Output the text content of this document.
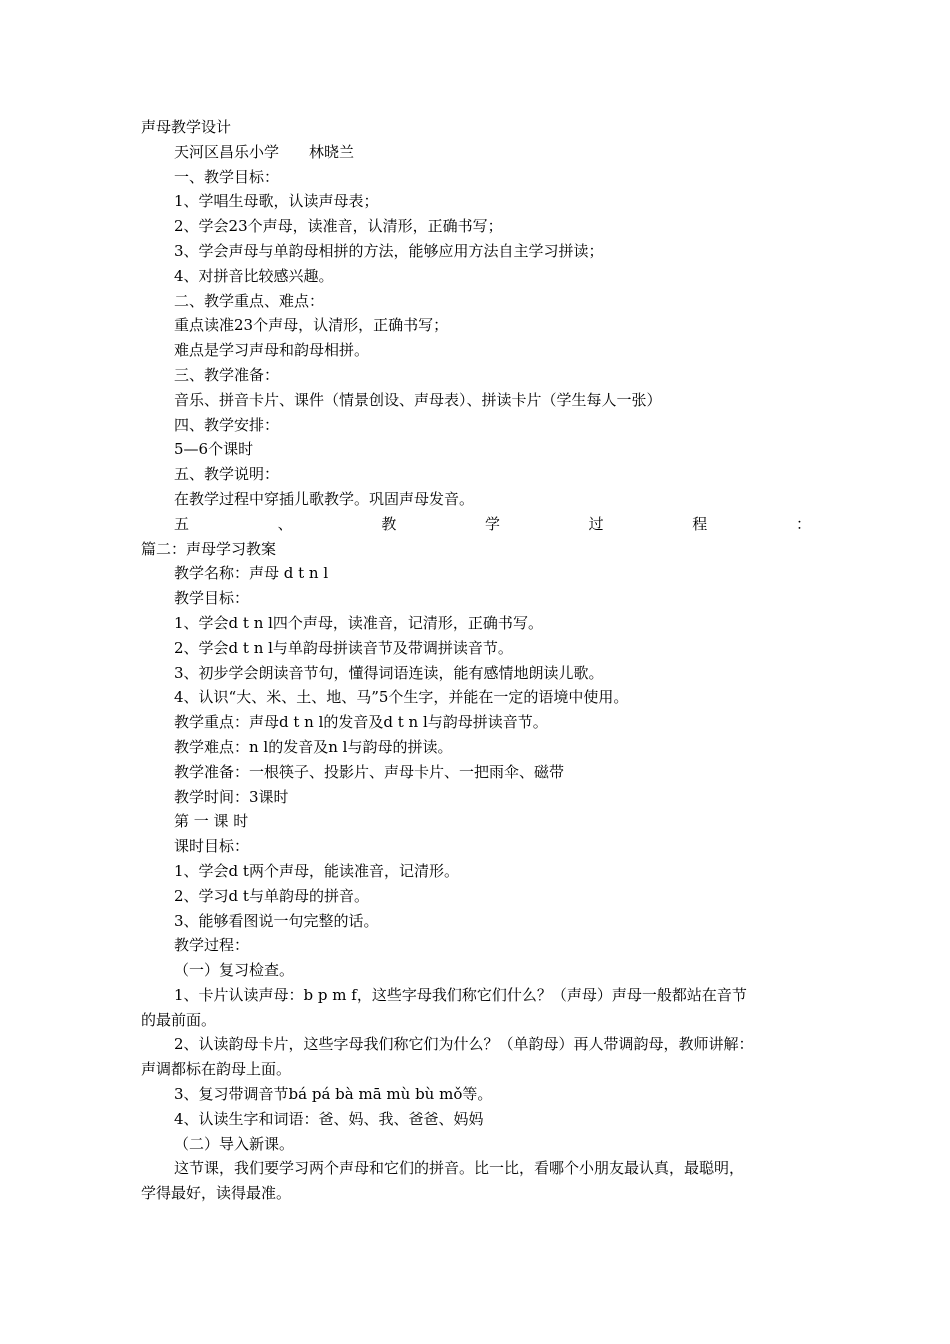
声母教学设计
天河区昌乐小学　　林晓兰
一、教学目标：
1、学唱生母歌，认读声母表；
2、学会23个声母，读准音，认清形，正确书写；
3、学会声母与单韵母相拼的方法，能够应用方法自主学习拼读；
4、对拼音比较感兴趣。
二、教学重点、难点：
重点读准23个声母，认清形，正确书写；
难点是学习声母和韵母相拼。
三、教学准备：
音乐、拼音卡片、课件（情景创设、声母表）、拼读卡片（学生每人一张）
四、教学安排：
5—6个课时
五、教学说明：
在教学过程中穿插儿歌教学。巩固声母发音。
五	、	教	学	过	程	：
篇二：声母学习教案
教学名称：声母 d t n l
教学目标：
1、学会d t n l四个声母，读准音，记清形，正确书写。
2、学会d t n l与单韵母拼读音节及带调拼读音节。
3、初步学会朗读音节句，懂得词语连读，能有感情地朗读儿歌。
4、认识“大、米、土、地、马”5个生字，并能在一定的语境中使用。
教学重点：声母d t n l的发音及d t n l与韵母拼读音节。
教学难点：n l的发音及n l与韵母的拼读。
教学准备：一根筷子、投影片、声母卡片、一把雨伞、磁带
教学时间：3课时
第 一 课 时
课时目标：
1、学会d t两个声母，能读准音，记清形。
2、学习d t与单韵母的拼音。
3、能够看图说一句完整的话。
教学过程：
（一）复习检查。
1、卡片认读声母：b p m f，这些字母我们称它们什么？（声母）声母一般都站在音节
的最前面。
2、认读韵母卡片，这些字母我们称它们为什么？（单韵母）再人带调韵母，教师讲解：
声调都标在韵母上面。
3、复习带调音节bá pá bà mā mù bù mǒ等。
4、认读生字和词语：爸、妈、我、爸爸、妈妈
（二）导入新课。
这节课，我们要学习两个声母和它们的拼音。比一比，看哪个小朋友最认真，最聪明，
学得最好，读得最准。
